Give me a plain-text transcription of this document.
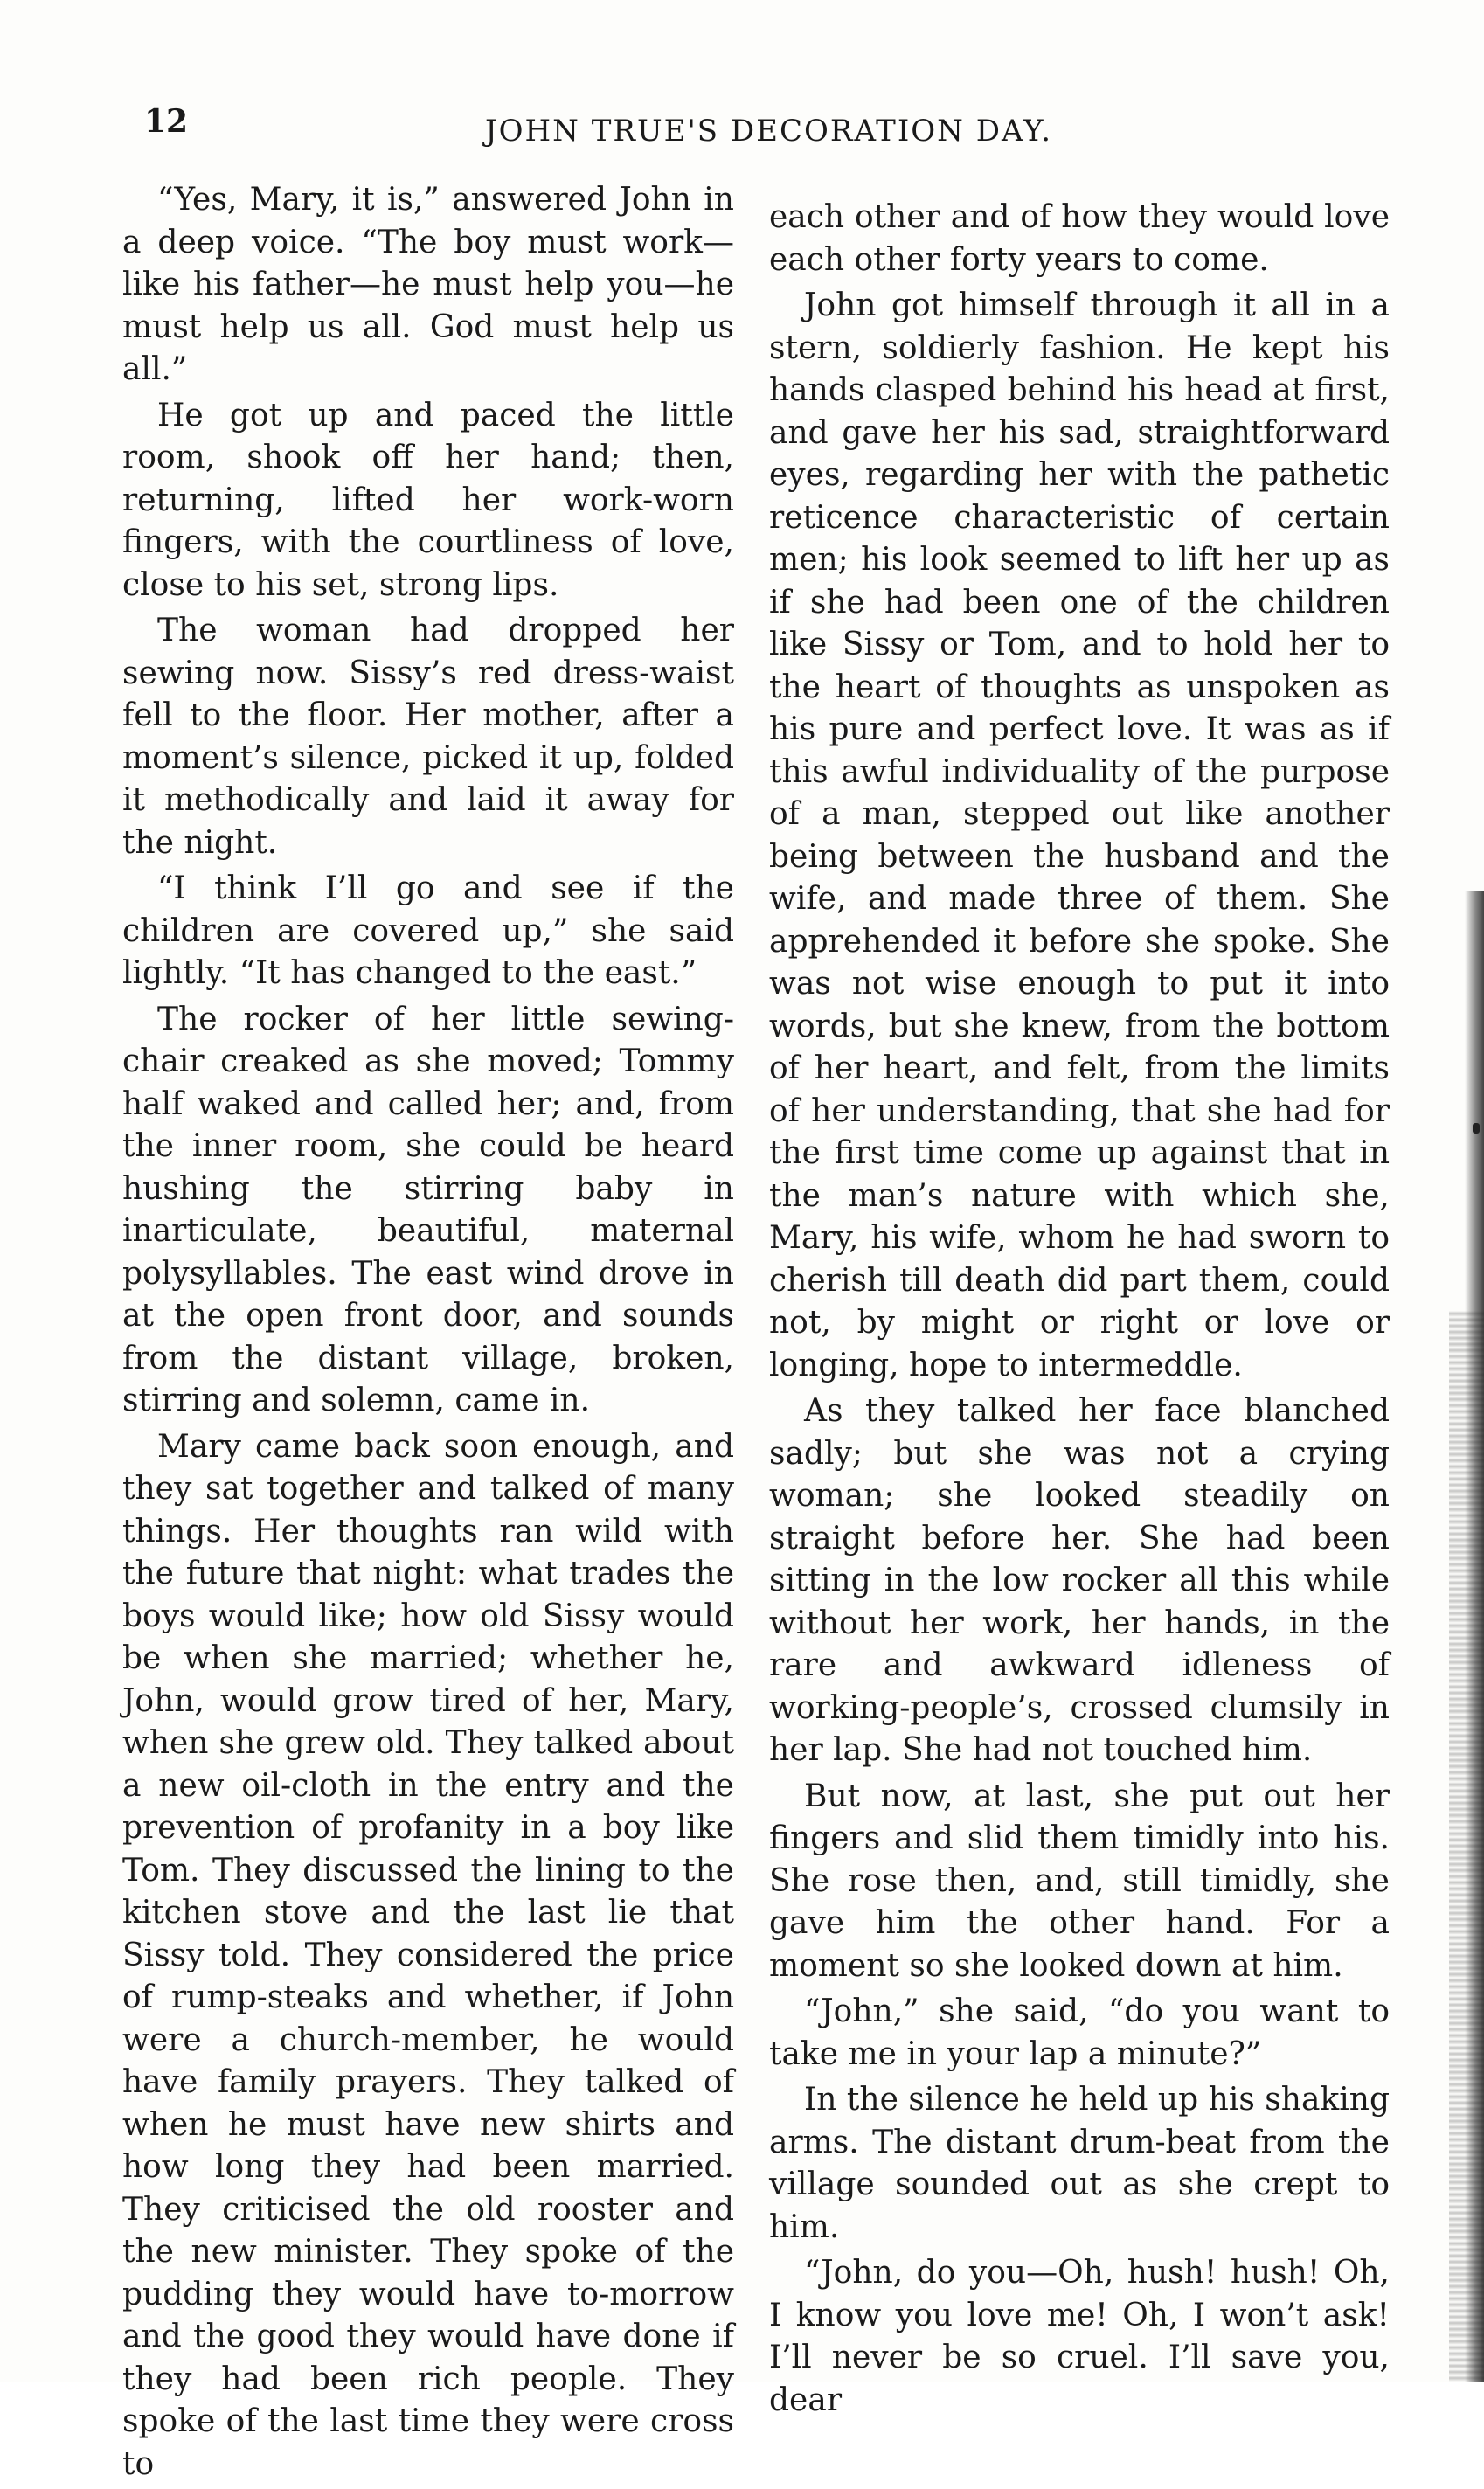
12	JOHN TRUE'S DECORATION DAY.

“Yes, Mary, it is,” answered John in a deep voice. “The boy must work—like his father—he must help you—he must help us all. God must help us all.”

He got up and paced the little room, shook off her hand; then, returning, lifted her work-worn fingers, with the courtliness of love, close to his set, strong lips.

The woman had dropped her sewing now. Sissy’s red dress-waist fell to the floor. Her mother, after a moment’s silence, picked it up, folded it methodically and laid it away for the night.

“I think I’ll go and see if the children are covered up,” she said lightly. “It has changed to the east.”

The rocker of her little sewing-chair creaked as she moved; Tommy half waked and called her; and, from the inner room, she could be heard hushing the stirring baby in inarticulate, beautiful, maternal polysyllables. The east wind drove in at the open front door, and sounds from the distant village, broken, stirring and solemn, came in.

Mary came back soon enough, and they sat together and talked of many things. Her thoughts ran wild with the future that night: what trades the boys would like; how old Sissy would be when she married; whether he, John, would grow tired of her, Mary, when she grew old. They talked about a new oil-cloth in the entry and the prevention of profanity in a boy like Tom. They discussed the lining to the kitchen stove and the last lie that Sissy told. They considered the price of rump-steaks and whether, if John were a church-member, he would have family prayers. They talked of when he must have new shirts and how long they had been married. They criticised the old rooster and the new minister. They spoke of the pudding they would have to-morrow and the good they would have done if they had been rich people. They spoke of the last time they were cross to

each other and of how they would love each other forty years to come.

John got himself through it all in a stern, soldierly fashion. He kept his hands clasped behind his head at first, and gave her his sad, straightforward eyes, regarding her with the pathetic reticence characteristic of certain men; his look seemed to lift her up as if she had been one of the children like Sissy or Tom, and to hold her to the heart of thoughts as unspoken as his pure and perfect love. It was as if this awful individuality of the purpose of a man, stepped out like another being between the husband and the wife, and made three of them. She apprehended it before she spoke. She was not wise enough to put it into words, but she knew, from the bottom of her heart, and felt, from the limits of her understanding, that she had for the first time come up against that in the man’s nature with which she, Mary, his wife, whom he had sworn to cherish till death did part them, could not, by might or right or love or longing, hope to intermeddle.

As they talked her face blanched sadly; but she was not a crying woman; she looked steadily on straight before her. She had been sitting in the low rocker all this while without her work, her hands, in the rare and awkward idleness of working-people’s, crossed clumsily in her lap. She had not touched him.

But now, at last, she put out her fingers and slid them timidly into his. She rose then, and, still timidly, she gave him the other hand. For a moment so she looked down at him.

“John,” she said, “do you want to take me in your lap a minute?”

In the silence he held up his shaking arms. The distant drum-beat from the village sounded out as she crept to him.

“John, do you—Oh, hush! hush! Oh, I know you love me! Oh, I won’t ask! I’ll never be so cruel. I’ll save you, dear
